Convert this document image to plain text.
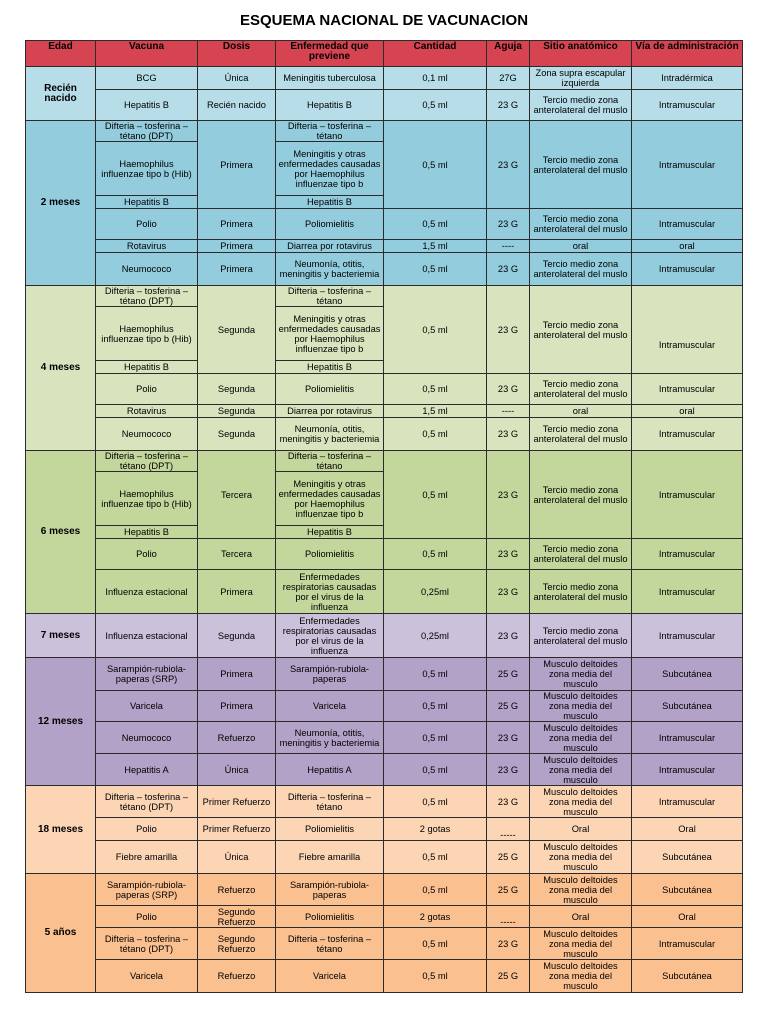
ESQUEMA NACIONAL DE VACUNACION
Edad	Vacuna	Dosis	Enfermedad que previene	Cantidad	Aguja	Sitio anatómico	Vía de administración
Recién nacido	BCG	Única	Meningitis tuberculosa	0,1 ml	27G	Zona supra escapular izquierda	Intradérmica
	Hepatitis B	Recién nacido	Hepatitis B	0,5 ml	23 G	Tercio medio zona anterolateral del muslo	Intramuscular
2 meses	Difteria – tosferina – tétano (DPT)	Primera	Difteria – tosferina – tétano	0,5 ml	23 G	Tercio medio zona anterolateral del muslo	Intramuscular
	Haemophilus influenzae tipo b (Hib)		Meningitis y otras enfermedades causadas por Haemophilus influenzae tipo b				
	Hepatitis B		Hepatitis B				
	Polio	Primera	Poliomielitis	0,5 ml	23 G	Tercio medio zona anterolateral del muslo	Intramuscular
	Rotavirus	Primera	Diarrea por rotavirus	1,5 ml	----	oral	oral
	Neumococo	Primera	Neumonía, otitis, meningitis y bacteriemia	0,5 ml	23 G	Tercio medio zona anterolateral del muslo	Intramuscular
4 meses	Difteria – tosferina – tétano (DPT)	Segunda	Difteria – tosferina – tétano	0,5 ml	23 G	Tercio medio zona anterolateral del muslo	Intramuscular
	Haemophilus influenzae tipo b (Hib)		Meningitis y otras enfermedades causadas por Haemophilus influenzae tipo b				
	Hepatitis B		Hepatitis B				
	Polio	Segunda	Poliomielitis	0,5 ml	23 G	Tercio medio zona anterolateral del muslo	Intramuscular
	Rotavirus	Segunda	Diarrea por rotavirus	1,5 ml	----	oral	oral
	Neumococo	Segunda	Neumonía, otitis, meningitis y bacteriemia	0,5 ml	23 G	Tercio medio zona anterolateral del muslo	Intramuscular
6 meses	Difteria – tosferina – tétano (DPT)	Tercera	Difteria – tosferina – tétano	0,5 ml	23 G	Tercio medio zona anterolateral del muslo	Intramuscular
	Haemophilus influenzae tipo b (Hib)		Meningitis y otras enfermedades causadas por Haemophilus influenzae tipo b				
	Hepatitis B		Hepatitis B				
	Polio	Tercera	Poliomielitis	0,5 ml	23 G	Tercio medio zona anterolateral del muslo	Intramuscular
	Influenza estacional	Primera	Enfermedades respiratorias causadas por el virus de la influenza	0,25ml	23 G	Tercio medio zona anterolateral del muslo	Intramuscular
7 meses	Influenza estacional	Segunda	Enfermedades respiratorias causadas por el virus de la influenza	0,25ml	23 G	Tercio medio zona anterolateral del muslo	Intramuscular
12 meses	Sarampión-rubiola-paperas (SRP)	Primera	Sarampión-rubiola-paperas	0,5 ml	25 G	Musculo deltoides zona media del musculo	Subcutánea
	Varicela	Primera	Varicela	0,5 ml	25 G	Musculo deltoides zona media del musculo	Subcutánea
	Neumococo	Refuerzo	Neumonía, otitis, meningitis y bacteriemia	0,5 ml	23 G	Musculo deltoides zona media del musculo	Intramuscular
	Hepatitis A	Única	Hepatitis A	0,5 ml	23 G	Musculo deltoides zona media del musculo	Intramuscular
18 meses	Difteria – tosferina – tétano (DPT)	Primer Refuerzo	Difteria – tosferina – tétano	0,5 ml	23 G	Musculo deltoides zona media del musculo	Intramuscular
	Polio	Primer Refuerzo	Poliomielitis	2 gotas	-----	Oral	Oral
	Fiebre amarilla	Única	Fiebre amarilla	0,5 ml	25 G	Musculo deltoides zona media del musculo	Subcutánea
5 años	Sarampión-rubiola-paperas (SRP)	Refuerzo	Sarampión-rubiola-paperas	0,5 ml	25 G	Musculo deltoides zona media del musculo	Subcutánea
	Polio	Segundo Refuerzo	Poliomielitis	2 gotas	-----	Oral	Oral
	Difteria – tosferina – tétano (DPT)	Segundo Refuerzo	Difteria – tosferina – tétano	0,5 ml	23 G	Musculo deltoides zona media del musculo	Intramuscular
	Varicela	Refuerzo	Varicela	0,5 ml	25 G	Musculo deltoides zona media del musculo	Subcutánea
